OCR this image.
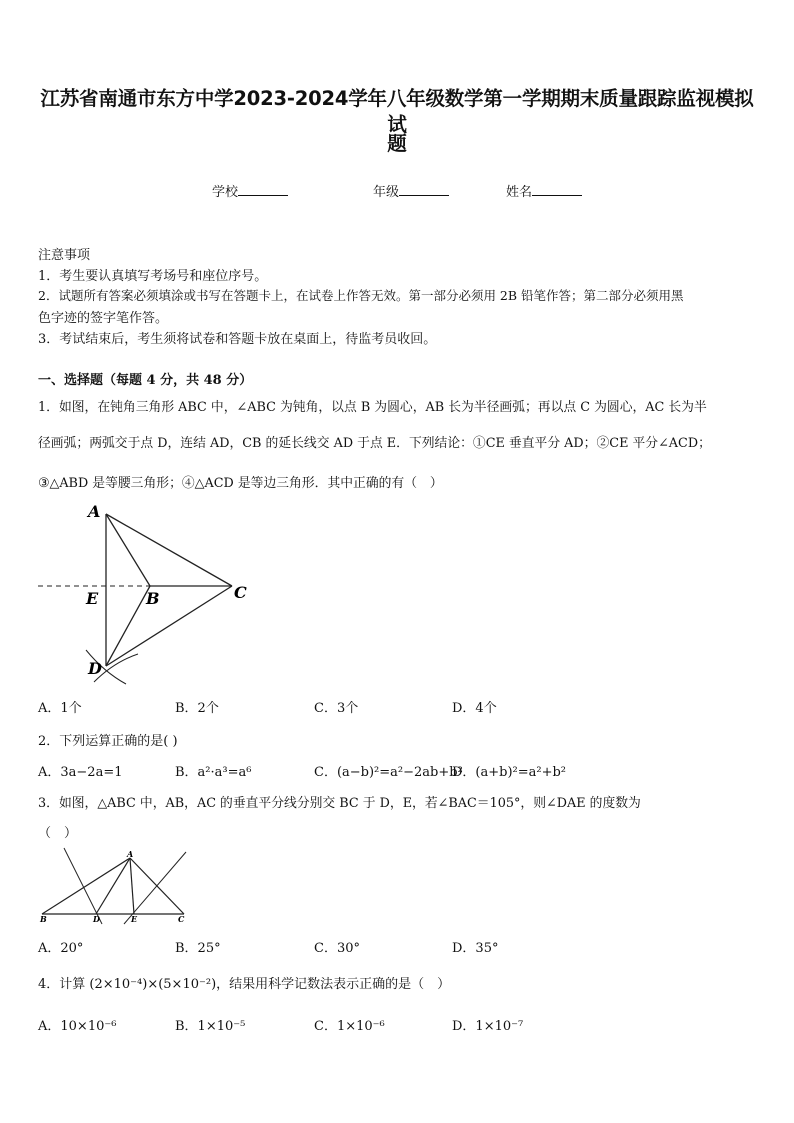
江苏省南通市东方中学2023-2024学年八年级数学第一学期期末质量跟踪监视模拟试
题
学校	年级	姓名
注意事项
1．考生要认真填写考场号和座位序号。
2．试题所有答案必须填涂或书写在答题卡上，在试卷上作答无效。第一部分必须用 2B 铅笔作答；第二部分必须用黑
色字迹的签字笔作答。
3．考试结束后，考生须将试卷和答题卡放在桌面上，待监考员收回。
一、选择题（每题 4 分，共 48 分）
1．如图，在钝角三角形 ABC 中，∠ABC 为钝角，以点 B 为圆心，AB 长为半径画弧；再以点 C 为圆心，AC 长为半
径画弧；两弧交于点 D，连结 AD，CB 的延长线交 AD 于点 E．下列结论：①CE 垂直平分 AD；②CE 平分∠ACD；
③△ABD 是等腰三角形；④△ACD 是等边三角形．其中正确的有（　）
A
E	B	C
D
A．1个	B．2个	C．3个	D．4个
2．下列运算正确的是( )
A．3a−2a=1	B．a²·a³=a⁶	C．(a−b)²=a²−2ab+b²
D．(a+b)²=a²+b²
3．如图，△ABC 中，AB，AC 的垂直平分线分别交 BC 于 D，E，若∠BAC＝105°，则∠DAE 的度数为
（　）
A
B	D	E	C
A．20°	B．25°	C．30°	D．35°
4．计算 (2×10⁻⁴)×(5×10⁻²)，结果用科学记数法表示正确的是（　）
A．10×10⁻⁶	B．1×10⁻⁵	C．1×10⁻⁶	D．1×10⁻⁷
